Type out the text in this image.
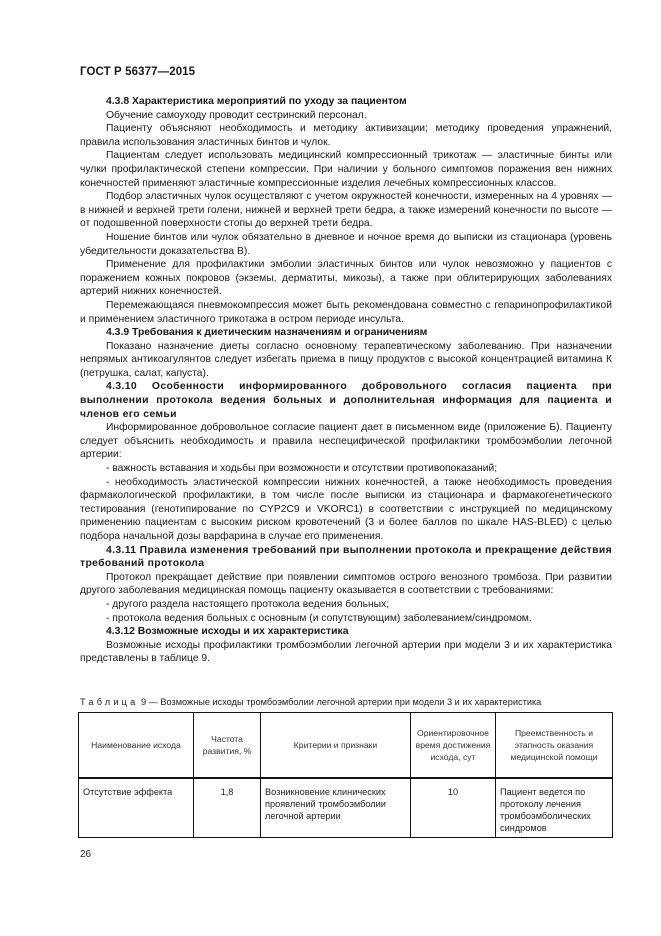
ГОСТ Р 56377—2015

4.3.8 Характеристика мероприятий по уходу за пациентом

Обучение самоуходу проводит сестринский персонал.

Пациенту объясняют необходимость и методику активизации; методику проведения упражнений, правила использования эластичных бинтов и чулок.

Пациентам следует использовать медицинский компрессионный трикотаж — эластичные бинты или чулки профилактической степени компрессии. При наличии у больного симптомов поражения вен нижних конечностей применяют эластичные компрессионные изделия лечебных компрессионных классов.

Подбор эластичных чулок осуществляют с учетом окружностей конечности, измеренных на 4 уровнях — в нижней и верхней трети голени, нижней и верхней трети бедра, а также измерений конечности по высоте — от подошвенной поверхности стопы до верхней трети бедра.

Ношение бинтов или чулок обязательно в дневное и ночное время до выписки из стационара (уровень убедительности доказательства В).

Применение для профилактики эмболии эластичных бинтов или чулок невозможно у пациентов с поражением кожных покровов (экземы, дерматиты, микозы), а также при облитерирующих заболеваниях артерий нижних конечностей.

Перемежающаяся пневмокомпрессия может быть рекомендована совместно с гепаринопрофилактикой и применением эластичного трикотажа в остром периоде инсульта.

4.3.9 Требования к диетическим назначениям и ограничениям

Показано назначение диеты согласно основному терапевтическому заболеванию. При назначении непрямых антикоагулянтов следует избегать приема в пищу продуктов с высокой концентрацией витамина К (петрушка, салат, капуста).

4.3.10 Особенности информированного добровольного согласия пациента при выполнении протокола ведения больных и дополнительная информация для пациента и членов его семьи

Информированное добровольное согласие пациент дает в письменном виде (приложение Б). Пациенту следует объяснить необходимость и правила неспецифической профилактики тромбоэмболии легочной артерии:

- важность вставания и ходьбы при возможности и отсутствии противопоказаний;

- необходимость эластической компрессии нижних конечностей, а также необходимость проведения фармакологической профилактики, в том числе после выписки из стационара и фармакогенетического тестирования (генотипирование по CYP2C9 и VKORC1) в соответствии с инструкцией по медицинскому применению пациентам с высоким риском кровотечений (3 и более баллов по шкале HAS-BLED) с целью подбора начальной дозы варфарина в случае его применения.

4.3.11 Правила изменения требований при выполнении протокола и прекращение действия требований протокола

Протокол прекращает действие при появлении симптомов острого венозного тромбоза. При развитии другого заболевания медицинская помощь пациенту оказывается в соответствии с требованиями:

- другого раздела настоящего протокола ведения больных;

- протокола ведения больных с основным (и сопутствующим) заболеванием/синдромом.

4.3.12 Возможные исходы и их характеристика

Возможные исходы профилактики тромбоэмболии легочной артерии при модели 3 и их характеристика представлены в таблице 9.

Таблица 9 — Возможные исходы тромбоэмболии легочной артерии при модели 3 и их характеристика
Наименование исхода	Частота развития, %	Критерии и признаки	Ориентировочное время достижения исхода, сут	Преемственность и этапность оказания медицинской помощи
Отсутствие эффекта	1,8	Возникновение клинических проявлений тромбоэмболии легочной артерии	10	Пациент ведется по протоколу лечения тромбоэмболических синдромов
26
